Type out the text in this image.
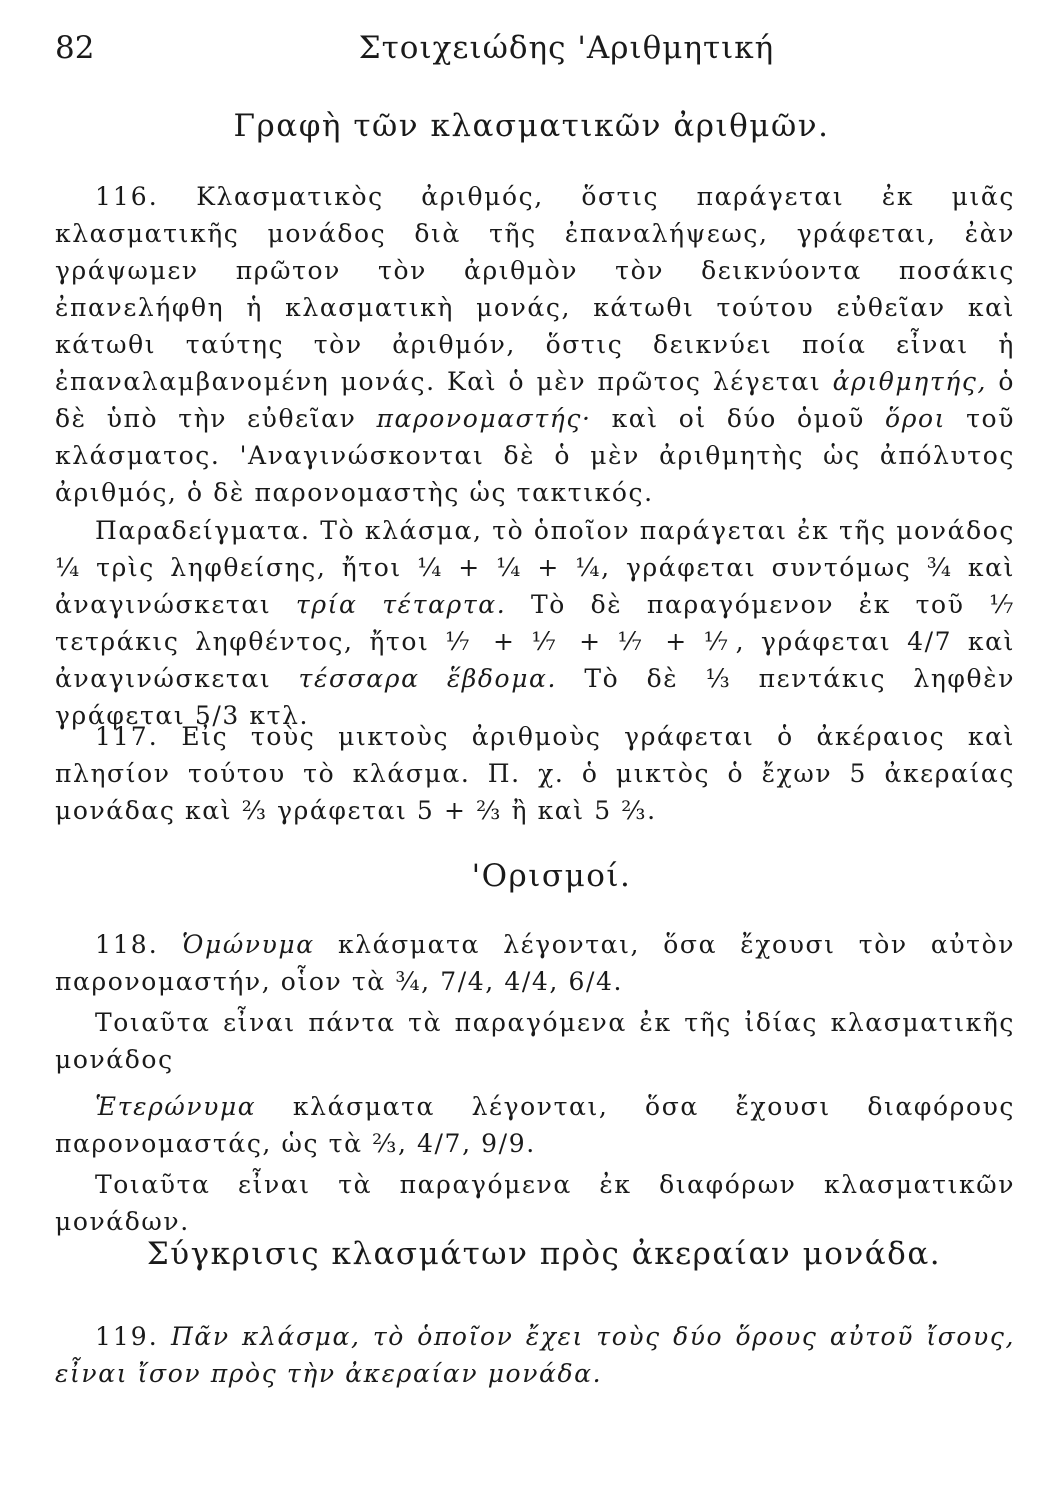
82	Στοιχειώδης 'Αριθμητική
Γραφὴ τῶν κλασματικῶν ἀριθμῶν.
116. Κλασματικὸς ἀριθμός, ὅστις παράγεται ἐκ μιᾶς κλασματικῆς μονάδος διὰ τῆς ἐπαναλήψεως, γράφεται, ἐὰν γράψωμεν πρῶτον τὸν ἀριθμὸν τὸν δεικνύοντα ποσάκις ἐπανελήφθη ἡ κλασματικὴ μονάς, κάτωθι τούτου εὐθεῖαν καὶ κάτωθι ταύτης τὸν ἀριθμόν, ὅστις δεικνύει ποία εἶναι ἡ ἐπαναλαμβανομένη μονάς. Καὶ ὁ μὲν πρῶτος λέγεται ἀριθμητής, ὁ δὲ ὑπὸ τὴν εὐθεῖαν παρονομαστής· καὶ οἱ δύο ὁμοῦ ὅροι τοῦ κλάσματος. 'Αναγινώσκονται δὲ ὁ μὲν ἀριθμητὴς ὡς ἀπόλυτος ἀριθμός, ὁ δὲ παρονομαστὴς ὡς τακτικός.
Παραδείγματα. Τὸ κλάσμα, τὸ ὁποῖον παράγεται ἐκ τῆς μονάδος ¼ τρὶς ληφθείσης, ἤτοι ¼ + ¼ + ¼, γράφεται συντόμως ¾ καὶ ἀναγινώσκεται τρία τέταρτα. Τὸ δὲ παραγόμενον ἐκ τοῦ ⅐ τετράκις ληφθέντος, ἤτοι ⅐ + ⅐ + ⅐ + ⅐, γράφεται 4/7 καὶ ἀναγινώσκεται τέσσαρα ἕβδομα. Τὸ δὲ ⅓ πεντάκις ληφθὲν γράφεται 5/3 κτλ.
117. Εἰς τοὺς μικτοὺς ἀριθμοὺς γράφεται ὁ ἀκέραιος καὶ πλησίον τούτου τὸ κλάσμα. Π. χ. ὁ μικτὸς ὁ ἔχων 5 ἀκεραίας μονάδας καὶ ⅔ γράφεται 5 + ⅔ ἢ καὶ 5 ⅔.
'Ορισμοί.
118. Ὁμώνυμα κλάσματα λέγονται, ὅσα ἔχουσι τὸν αὐτὸν παρονομαστήν, οἷον τὰ ¾, 7/4, 4/4, 6/4.
Τοιαῦτα εἶναι πάντα τὰ παραγόμενα ἐκ τῆς ἰδίας κλασματικῆς μονάδος
Ἑτερώνυμα κλάσματα λέγονται, ὅσα ἔχουσι διαφόρους παρονομαστάς, ὡς τὰ ⅔, 4/7, 9/9.
Τοιαῦτα εἶναι τὰ παραγόμενα ἐκ διαφόρων κλασματικῶν μονάδων.
Σύγκρισις κλασμάτων πρὸς ἀκεραίαν μονάδα.
119. Πᾶν κλάσμα, τὸ ὁποῖον ἔχει τοὺς δύο ὅρους αὐτοῦ ἴσους, εἶναι ἴσον πρὸς τὴν ἀκεραίαν μονάδα.
